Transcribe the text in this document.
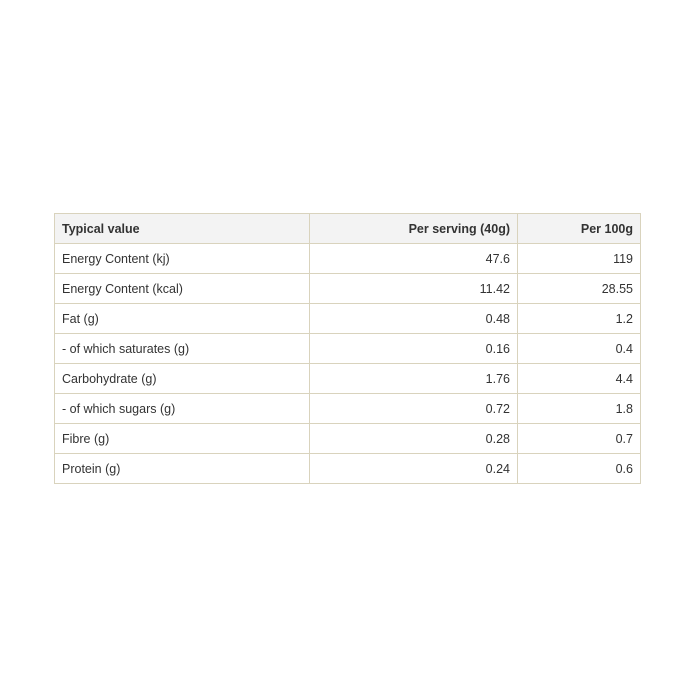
Typical value	Per serving (40g)	Per 100g
Energy Content (kj)	47.6	119
Energy Content (kcal)	11.42	28.55
Fat (g)	0.48	1.2
- of which saturates (g)	0.16	0.4
Carbohydrate (g)	1.76	4.4
- of which sugars (g)	0.72	1.8
Fibre (g)	0.28	0.7
Protein (g)	0.24	0.6
